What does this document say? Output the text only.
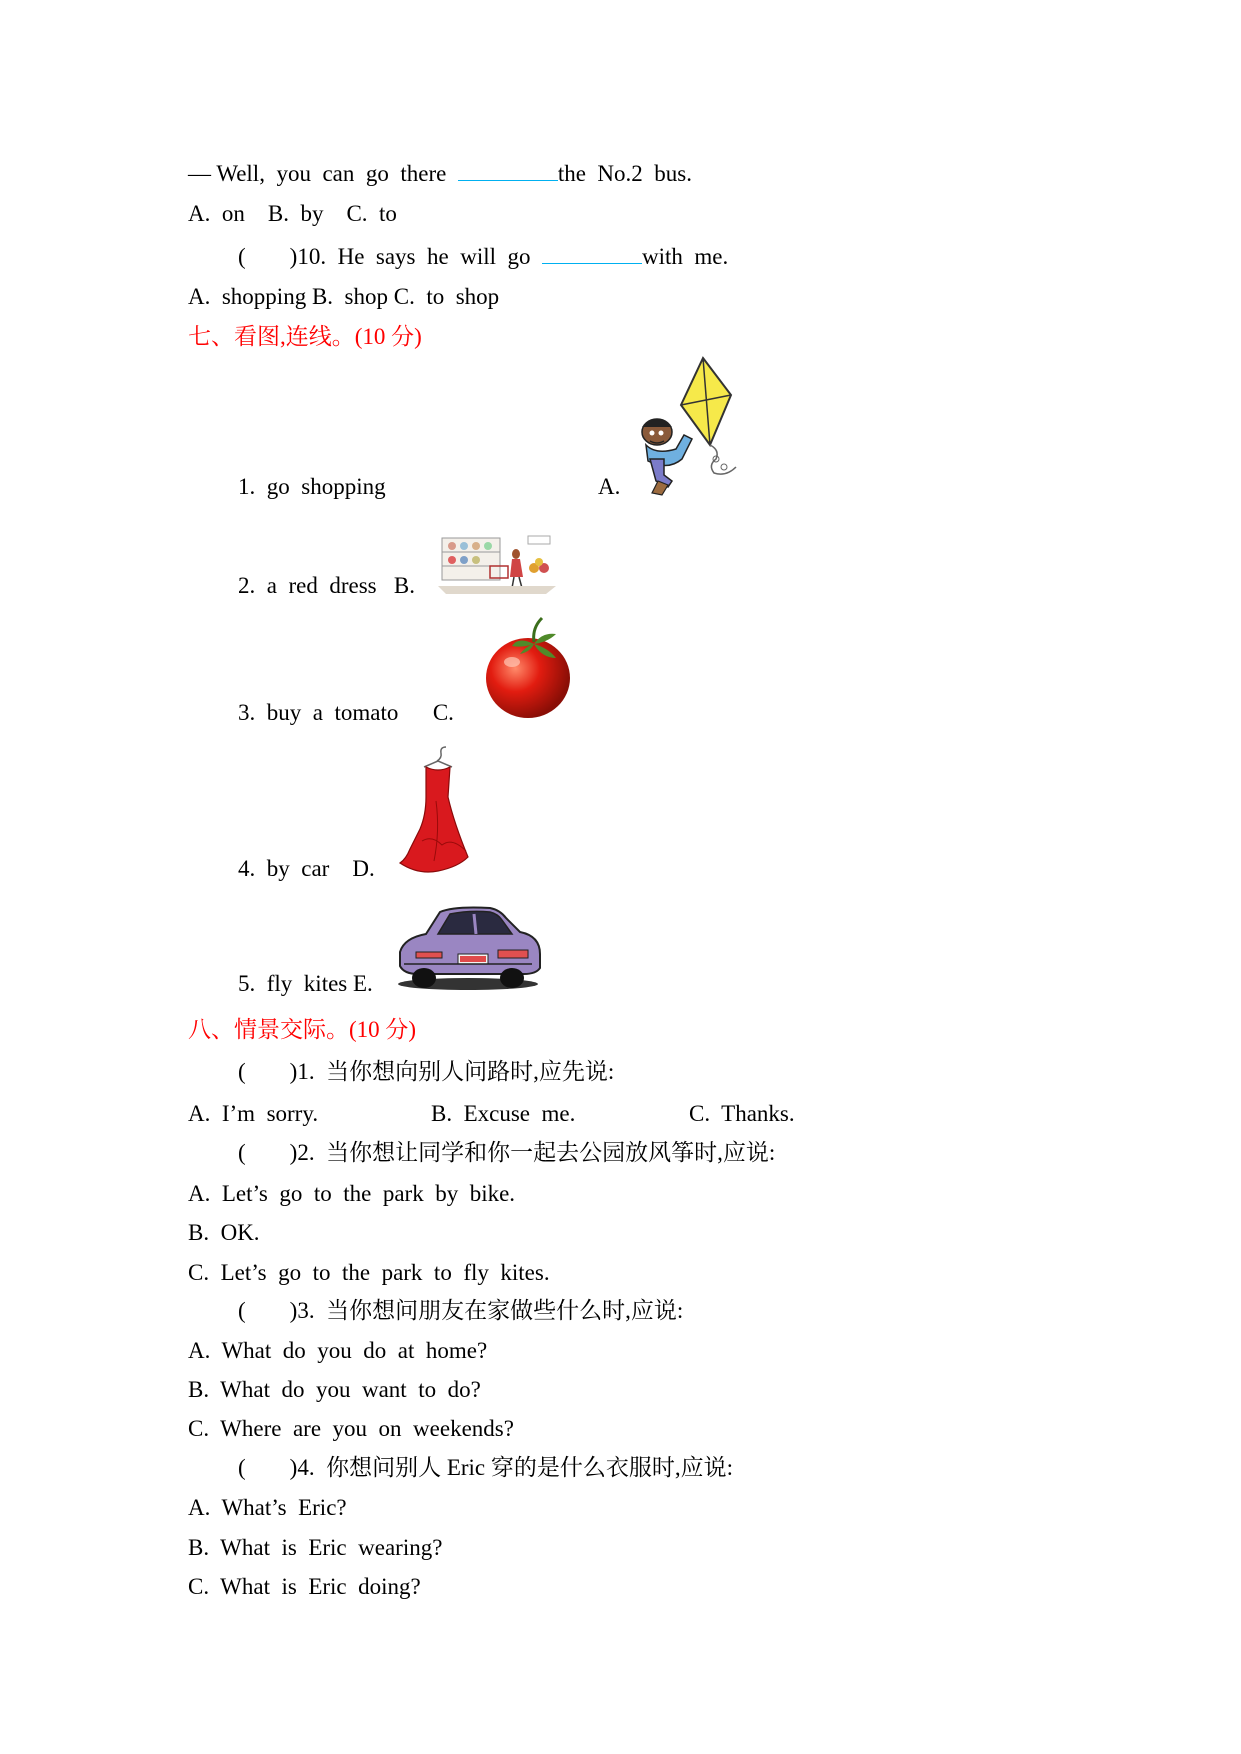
— Well,  you  can  go  there	the  No.2  bus.
A.  on    B.  by    C.  to
( )10.  He  says  he  will  go	with  me.
A.  shopping B.  shop C.  to  shop
七、看图,连线。(10 分)
1. go  shopping	A.
2. a  red  dress B.
3. buy  a  tomato C.
4. by  car D.
5. fly  kites E.
八、情景交际。(10 分)
( )1.  当你想向别人问路时,应先说:
A.  I’m  sorry.	B.  Excuse  me.	C.  Thanks.
( )2.  当你想让同学和你一起去公园放风筝时,应说:
A.  Let’s  go  to  the  park  by  bike.
B.  OK.
C.  Let’s  go  to  the  park  to  fly  kites.
( )3.  当你想问朋友在家做些什么时,应说:
A.  What  do  you  do  at  home?
B.  What  do  you  want  to  do?
C.  Where  are  you  on  weekends?
( )4.  你想问别人 Eric 穿的是什么衣服时,应说:
A.  What’s  Eric?
B.  What  is  Eric  wearing?
C.  What  is  Eric  doing?
